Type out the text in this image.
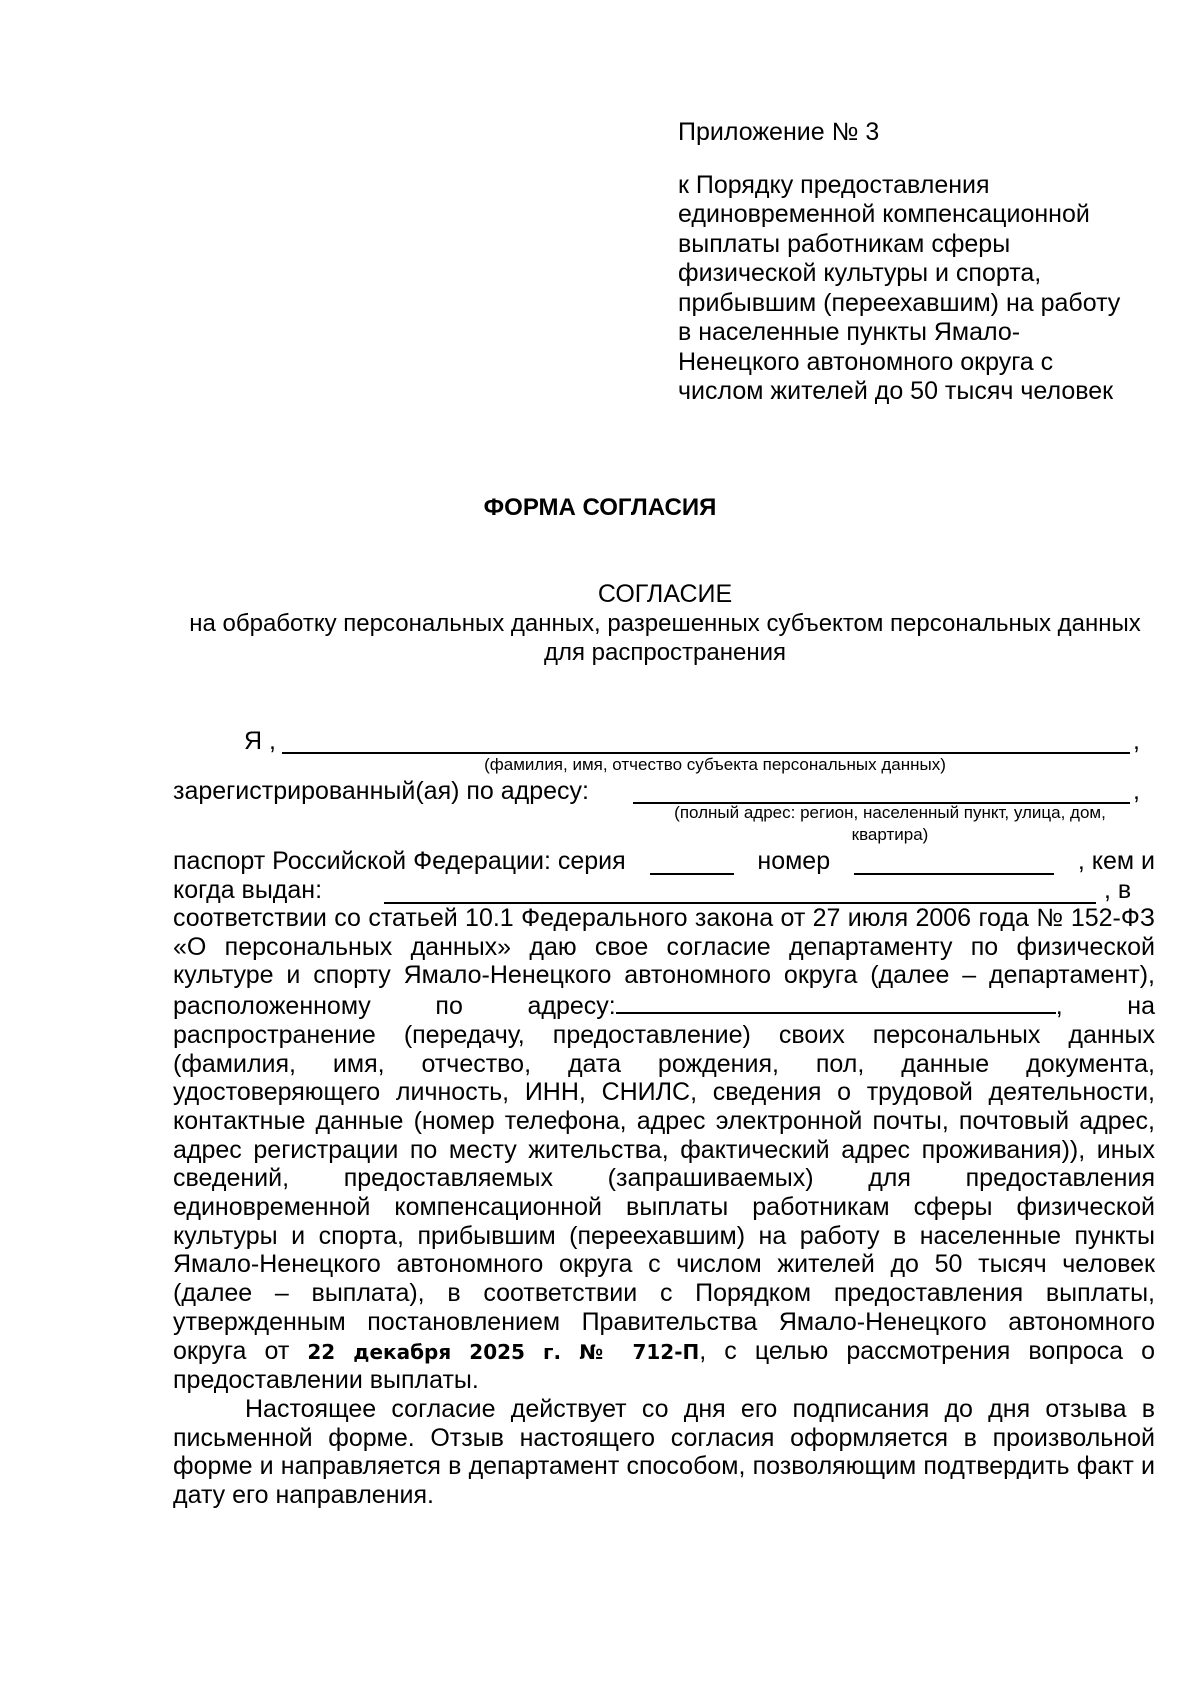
Приложение № 3
к Порядку предоставления
единовременной компенсационной
выплаты работникам сферы
физической культуры и спорта,
прибывшим (переехавшим) на работу
в населенные пункты Ямало-
Ненецкого автономного округа с
числом жителей до 50 тысяч человек
ФОРМА СОГЛАСИЯ
СОГЛАСИЕ
на обработку персональных данных, разрешенных субъектом персональных данных для распространения
Я ,	,
(фамилия, имя, отчество субъекта персональных данных)
зарегистрированный(ая) по адресу:	,
(полный адрес: регион, населенный пункт, улица, дом, квартира)
паспорт Российской Федерации: серия	номер	, кем и
когда выдан:	, в
соответствии со статьей 10.1 Федерального закона от 27 июля 2006 года № 152-ФЗ «О персональных данных» даю свое согласие департаменту по физической культуре и спорту Ямало-Ненецкого автономного округа (далее – департамент), расположенному по адресу:	, на распространение (передачу, предоставление) своих персональных данных (фамилия, имя, отчество, дата рождения, пол, данные документа, удостоверяющего личность, ИНН, СНИЛС, сведения о трудовой деятельности, контактные данные (номер телефона, адрес электронной почты, почтовый адрес, адрес регистрации по месту жительства, фактический адрес проживания)), иных сведений, предоставляемых (запрашиваемых) для предоставления единовременной компенсационной выплаты работникам сферы физической культуры и спорта, прибывшим (переехавшим) на работу в населенные пункты Ямало-Ненецкого автономного округа с числом жителей до 50 тысяч человек (далее – выплата), в соответствии с Порядком предоставления выплаты, утвержденным постановлением Правительства Ямало-Ненецкого автономного округа от 22 декабря 2025 г. № 712-П, с целью рассмотрения вопроса о предоставлении выплаты.
Настоящее согласие действует со дня его подписания до дня отзыва в письменной форме. Отзыв настоящего согласия оформляется в произвольной форме и направляется в департамент способом, позволяющим подтвердить факт и дату его направления.
